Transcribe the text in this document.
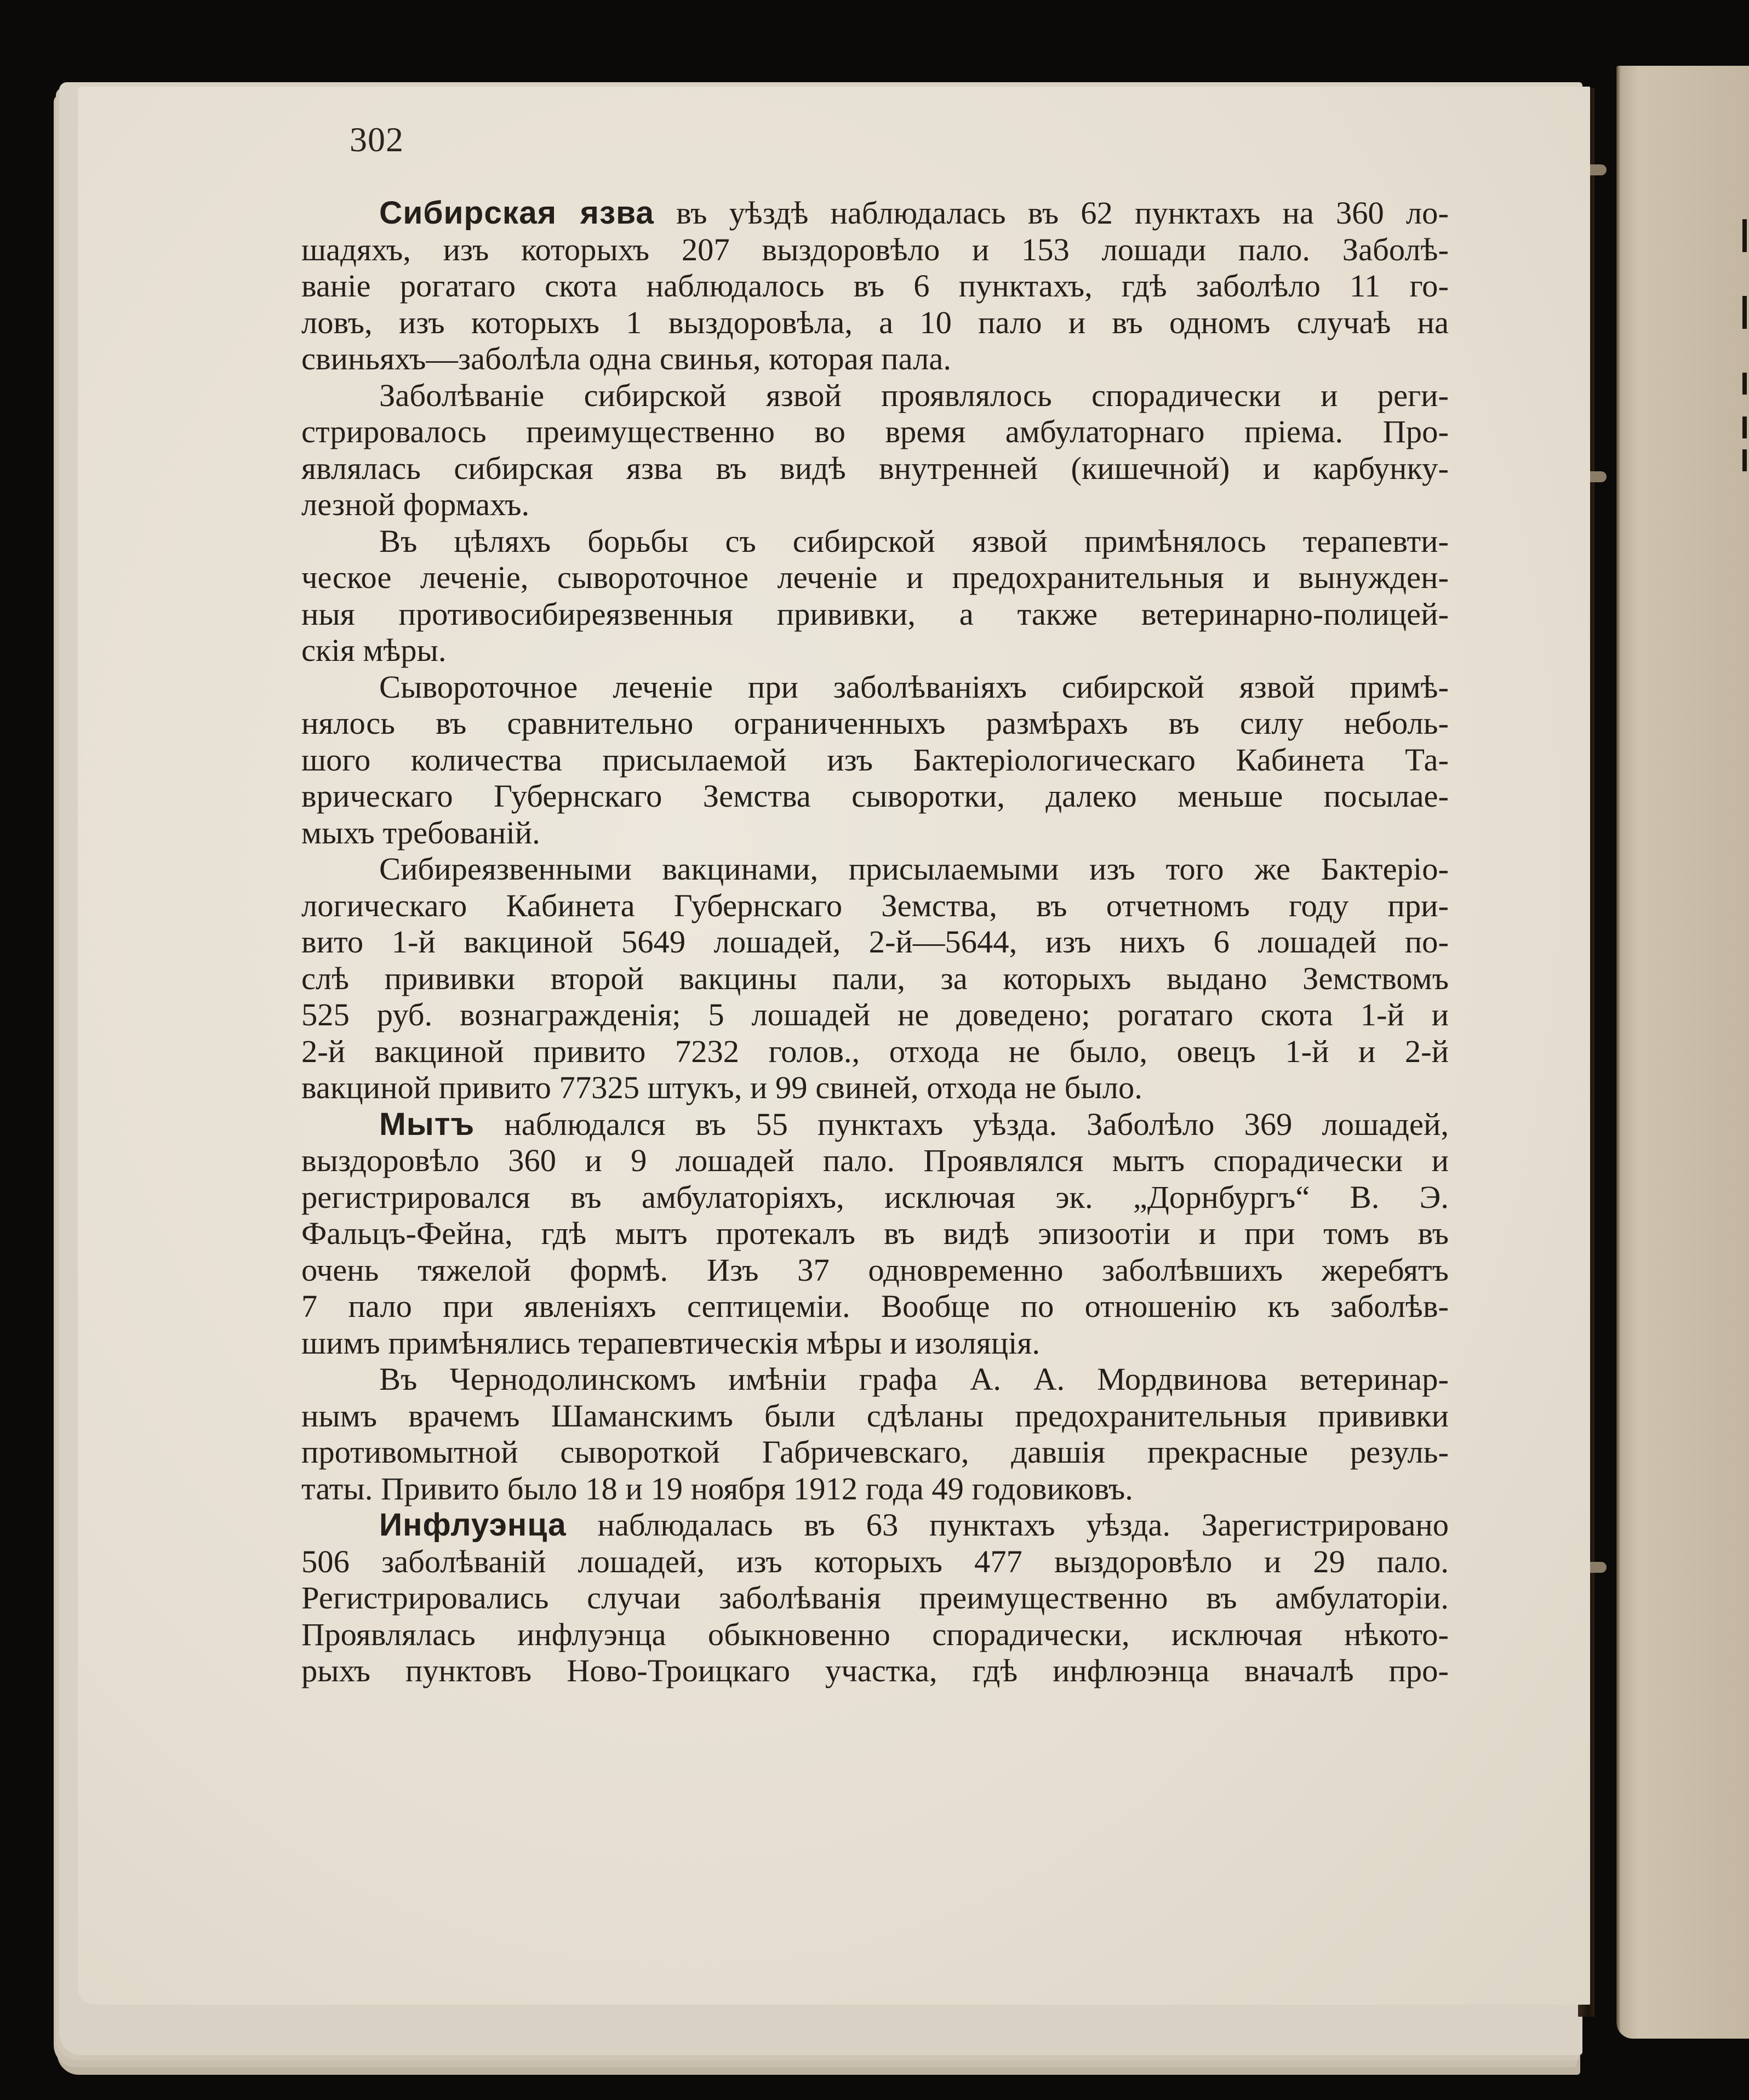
302
Сибирская язва въ уѣздѣ наблюдалась въ 62 пунктахъ на 360 ло-
шадяхъ, изъ которыхъ 207 выздоровѣло и 153 лошади пало. Заболѣ-
ваніе рогатаго скота наблюдалось въ 6 пунктахъ, гдѣ заболѣло 11 го-
ловъ, изъ которыхъ 1 выздоровѣла, а 10 пало и въ одномъ случаѣ на
свиньяхъ—заболѣла одна свинья, которая пала.
Заболѣваніе сибирской язвой проявлялось спорадически и реги-
стрировалось преимущественно во время амбулаторнаго пріема. Про-
являлась сибирская язва въ видѣ внутренней (кишечной) и карбунку-
лезной формахъ.
Въ цѣляхъ борьбы съ сибирской язвой примѣнялось терапевти-
ческое леченіе, сывороточное леченіе и предохранительныя и вынужден-
ныя противосибиреязвенныя прививки, а также ветеринарно-полицей-
скія мѣры.
Сывороточное леченіе при заболѣваніяхъ сибирской язвой примѣ-
нялось въ сравнительно ограниченныхъ размѣрахъ въ силу неболь-
шого количества присылаемой изъ Бактеріологическаго Кабинета Та-
врическаго Губернскаго Земства сыворотки, далеко меньше посылае-
мыхъ требованій.
Сибиреязвенными вакцинами, присылаемыми изъ того же Бактеріо-
логическаго Кабинета Губернскаго Земства, въ отчетномъ году при-
вито 1-й вакциной 5649 лошадей, 2-й—5644, изъ нихъ 6 лошадей по-
слѣ прививки второй вакцины пали, за которыхъ выдано Земствомъ
525 руб. вознагражденія; 5 лошадей не доведено; рогатаго скота 1-й и
2-й вакциной привито 7232 голов., отхода не было, овецъ 1-й и 2-й
вакциной привито 77325 штукъ, и 99 свиней, отхода не было.
Мытъ наблюдался въ 55 пунктахъ уѣзда. Заболѣло 369 лошадей,
выздоровѣло 360 и 9 лошадей пало. Проявлялся мытъ спорадически и
регистрировался въ амбулаторіяхъ, исключая эк. „Дорнбургъ“ В. Э.
Фальцъ-Фейна, гдѣ мытъ протекалъ въ видѣ эпизоотіи и при томъ въ
очень тяжелой формѣ. Изъ 37 одновременно заболѣвшихъ жеребятъ
7 пало при явленіяхъ септицеміи. Вообще по отношенію къ заболѣв-
шимъ примѣнялись терапевтическія мѣры и изоляція.
Въ Чернодолинскомъ имѣніи графа А. А. Мордвинова ветеринар-
нымъ врачемъ Шаманскимъ были сдѣланы предохранительныя прививки
противомытной сывороткой Габричевскаго, давшія прекрасные резуль-
таты. Привито было 18 и 19 ноября 1912 года 49 годовиковъ.
Инфлуэнца наблюдалась въ 63 пунктахъ уѣзда. Зарегистрировано
506 заболѣваній лошадей, изъ которыхъ 477 выздоровѣло и 29 пало.
Регистрировались случаи заболѣванія преимущественно въ амбулаторіи.
Проявлялась инфлуэнца обыкновенно спорадически, исключая нѣкото-
рыхъ пунктовъ Ново-Троицкаго участка, гдѣ инфлюэнца вначалѣ про-
